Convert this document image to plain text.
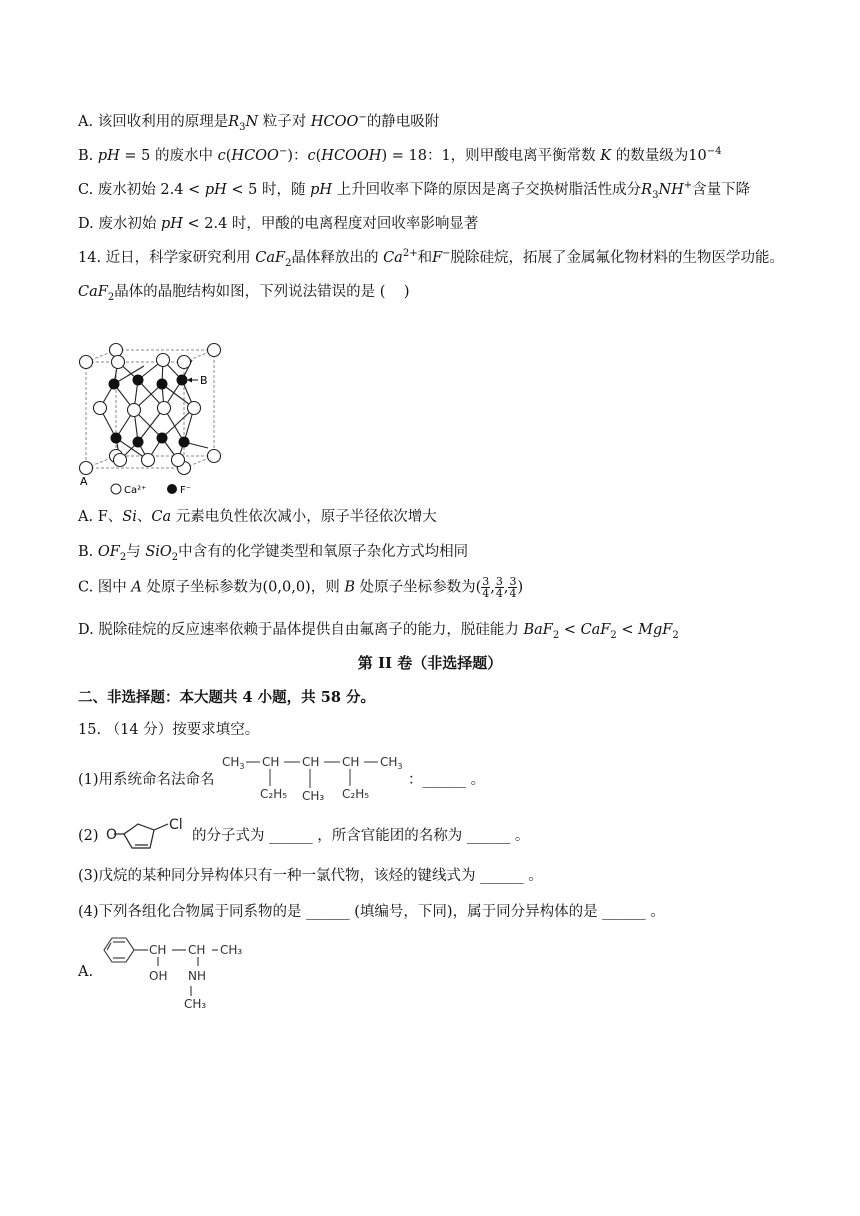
A. 该回收利用的原理是$R_3N$ 粒子对 HCOO−的静电吸附
B. pH = 5 的废水中 c(HCOO−)：c(HCOOH) = 18：1，则甲酸电离平衡常数 K 的数量级为$10^{-4}$
C. 废水初始 2.4 < pH < 5 时，随 pH 上升回收率下降的原因是离子交换树脂活性成分$R_3NH^+$含量下降
D. 废水初始 pH < 2.4 时，甲酸的电离程度对回收率影响显著
14. 近日，科学家研究利用 CaF$_2$晶体释放出的 $Ca^{2+}$和F−脱除硅烷，拓展了金属氟化物材料的生物医学功能。
CaF$_2$晶体的晶胞结构如图，下列说法错误的是 (    )
B
A
Ca²⁺	F⁻
A. F、Si、Ca 元素电负性依次减小，原子半径依次增大
B. $OF_2$与 SiO$_2$中含有的化学键类型和氧原子杂化方式均相同
C. 图中 A 处原子坐标参数为(0,0,0)，则 B 处原子坐标参数为( $\frac{3}{4}$ , $\frac{3}{4}$ , $\frac{3}{4}$ )
D. 脱除硅烷的反应速率依赖于晶体提供自由氟离子的能力，脱硅能力 BaF$_2$ < CaF$_2$ < MgF$_2$
第 II 卷（非选择题）
二、非选择题：本大题共 4 小题，共 58 分。
15. （14 分）按要求填空。
(1)用系统命名法命名
$CH_3$ CH CH CH $CH_3$
C₂H₅ CH₃ C₂H₅
：______ 。
(2) O
Cl
的分子式为 ______ ，所含官能团的名称为 ______ 。
(3)戊烷的某种同分异构体只有一种一氯代物，该烃的键线式为 ______ 。
(4)下列各组化合物属于同系物的是 ______ (填编号，下同)，属于同分异构体的是 ______ 。
A.
CH CH CH₃
OH NH
CH₃
